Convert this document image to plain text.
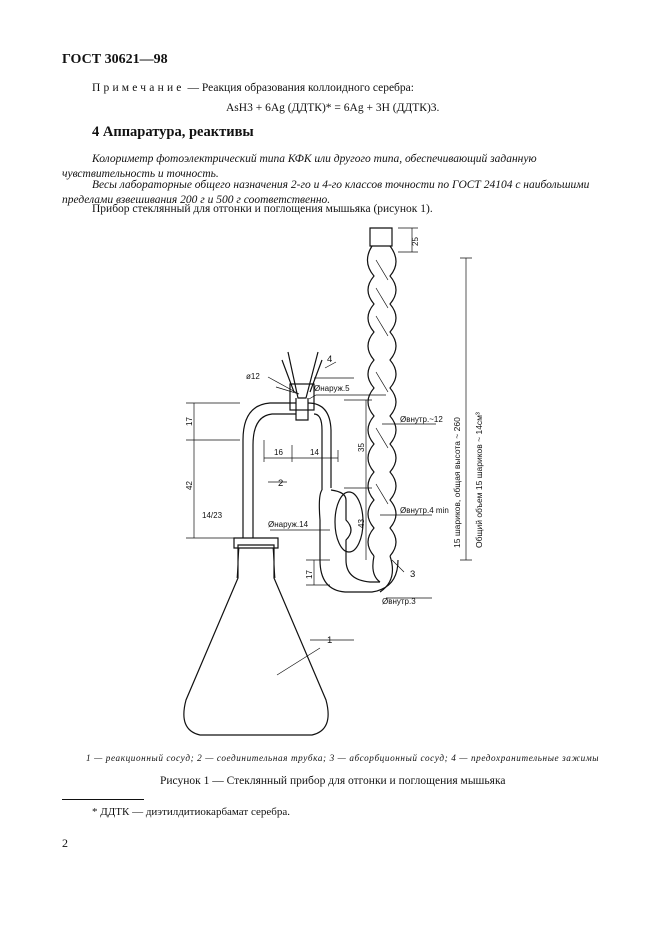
ГОСТ 30621—98
Примечание — Реакция образования коллоидного серебра:
AsH3 + 6Ag (ДДТК)* = 6Ag + 3H (ДДТК)3.
4 Аппаратура, реактивы
Колориметр фотоэлектрический типа КФК или другого типа, обеспечивающий заданную чувствительность и точность.
Весы лабораторные общего назначения 2-го и 4-го классов точности по ГОСТ 24104 с наибольшими пределами взвешивания 200 г и 500 г соответственно.
Прибор стеклянный для отгонки и поглощения мышьяка (рисунок 1).
4
2
3
1
ø12
Øнаруж.5
Øвнутр.~12
Øвнутр.4 min
Øвнутр.3
Øнаруж.14
14/23
16	14
25
17
42
35
43
17
15 шариков, общая высота ~ 260 Общий объем 15 шариков ~ 14см³
1 — реакционный сосуд; 2 — соединительная трубка; 3 — абсорбционный сосуд; 4 — предохранительные зажимы
Рисунок 1 — Стеклянный прибор для отгонки и поглощения мышьяка
* ДДТК — диэтилдитиокарбамат серебра.
2
